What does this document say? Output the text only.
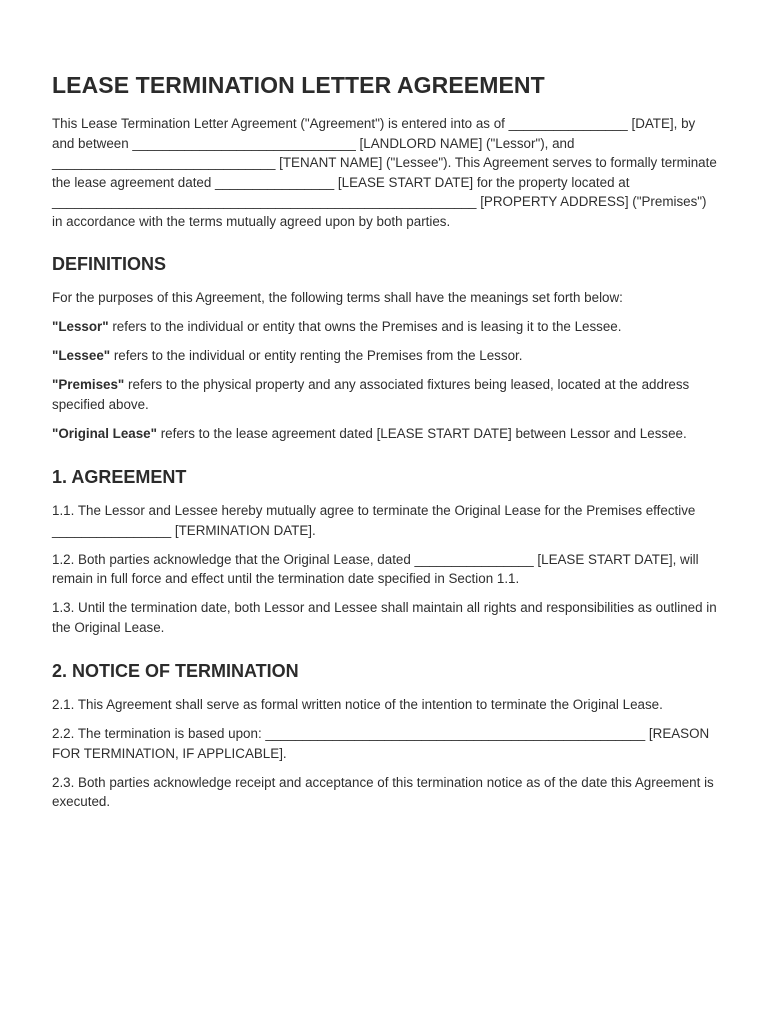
LEASE TERMINATION LETTER AGREEMENT

This Lease Termination Letter Agreement ("Agreement") is entered into as of ________________ [DATE], by and between ______________________________ [LANDLORD NAME] ("Lessor"), and ______________________________ [TENANT NAME] ("Lessee"). This Agreement serves to formally terminate the lease agreement dated ________________ [LEASE START DATE] for the property located at _________________________________________________________ [PROPERTY ADDRESS] ("Premises") in accordance with the terms mutually agreed upon by both parties.

DEFINITIONS

For the purposes of this Agreement, the following terms shall have the meanings set forth below:

"Lessor" refers to the individual or entity that owns the Premises and is leasing it to the Lessee.

"Lessee" refers to the individual or entity renting the Premises from the Lessor.

"Premises" refers to the physical property and any associated fixtures being leased, located at the address specified above.

"Original Lease" refers to the lease agreement dated [LEASE START DATE] between Lessor and Lessee.

1. AGREEMENT

1.1. The Lessor and Lessee hereby mutually agree to terminate the Original Lease for the Premises effective ________________ [TERMINATION DATE].

1.2. Both parties acknowledge that the Original Lease, dated ________________ [LEASE START DATE], will remain in full force and effect until the termination date specified in Section 1.1.

1.3. Until the termination date, both Lessor and Lessee shall maintain all rights and responsibilities as outlined in the Original Lease.

2. NOTICE OF TERMINATION

2.1. This Agreement shall serve as formal written notice of the intention to terminate the Original Lease.

2.2. The termination is based upon: ___________________________________________________ [REASON FOR TERMINATION, IF APPLICABLE].

2.3. Both parties acknowledge receipt and acceptance of this termination notice as of the date this Agreement is executed.
